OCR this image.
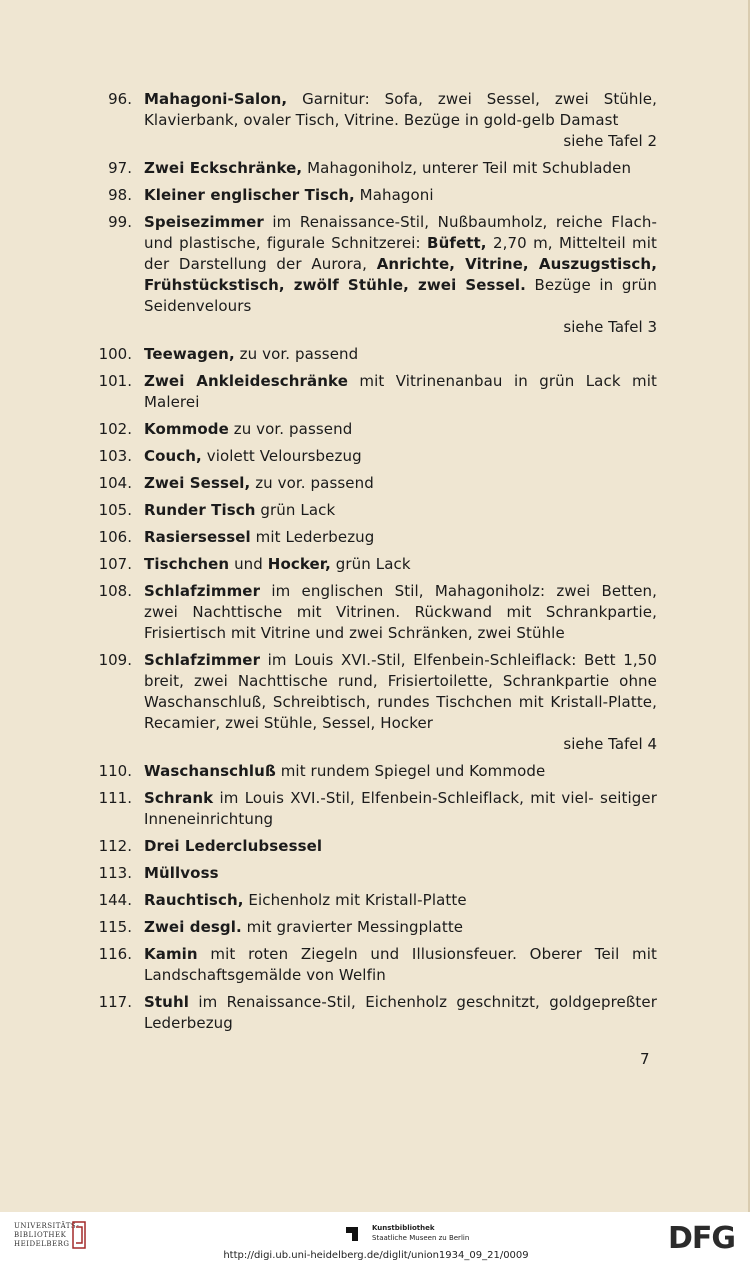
96. Mahagoni-Salon, Garnitur: Sofa, zwei Sessel, zwei Stühle, Klavierbank, ovaler Tisch, Vitrine. Bezüge in gold-gelb Damast
siehe Tafel 2
97. Zwei Eckschränke, Mahagoniholz, unterer Teil mit Schubladen
98. Kleiner englischer Tisch, Mahagoni
99. Speisezimmer im Renaissance-Stil, Nußbaumholz, reiche Flach- und plastische, figurale Schnitzerei: Büfett, 2,70 m, Mittelteil mit der Darstellung der Aurora, Anrichte, Vitrine, Auszugstisch, Frühstückstisch, zwölf Stühle, zwei Sessel. Bezüge in grün Seidenvelours
siehe Tafel 3
100. Teewagen, zu vor. passend
101. Zwei Ankleideschränke mit Vitrinenanbau in grün Lack mit Malerei
102. Kommode zu vor. passend
103. Couch, violett Veloursbezug
104. Zwei Sessel, zu vor. passend
105. Runder Tisch grün Lack
106. Rasiersessel mit Lederbezug
107. Tischchen und Hocker, grün Lack
108. Schlafzimmer im englischen Stil, Mahagoniholz: zwei Betten, zwei Nachttische mit Vitrinen. Rückwand mit Schrankpartie, Frisiertisch mit Vitrine und zwei Schränken, zwei Stühle
109. Schlafzimmer im Louis XVI.-Stil, Elfenbein-Schleiflack: Bett 1,50 breit, zwei Nachttische rund, Frisiertoilette, Schrankpartie ohne Waschanschluß, Schreibtisch, rundes Tischchen mit Kristall-Platte, Recamier, zwei Stühle, Sessel, Hocker
siehe Tafel 4
110. Waschanschluß mit rundem Spiegel und Kommode
111. Schrank im Louis XVI.-Stil, Elfenbein-Schleiflack, mit viel- seitiger Inneneinrichtung
112. Drei Lederclubsessel
113. Müllvoss
144. Rauchtisch, Eichenholz mit Kristall-Platte
115. Zwei desgl. mit gravierter Messingplatte
116. Kamin mit roten Ziegeln und Illusionsfeuer. Oberer Teil mit Landschaftsgemälde von Welfin
117. Stuhl im Renaissance-Stil, Eichenholz geschnitzt, goldgepreßter Lederbezug
7
UNIVERSITÄTS-
BIBLIOTHEK
HEIDELBERG
Kunstbibliothek
Staatliche Museen zu Berlin	DFG
http://digi.ub.uni-heidelberg.de/diglit/union1934_09_21/0009
